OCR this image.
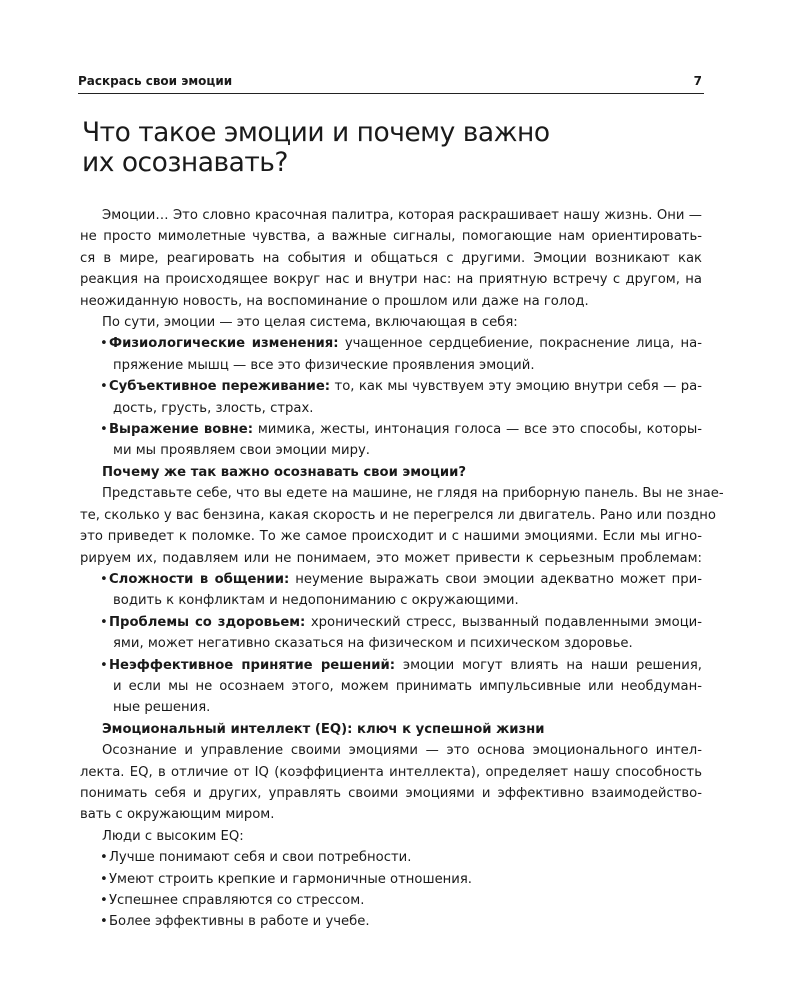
Раскрась свои эмоции	7
Что такое эмоции и почему важно
их осознавать?
Эмоции… Это словно красочная палитра, которая раскрашивает нашу жизнь. Они —
не просто мимолетные чувства, а важные сигналы, помогающие нам ориентировать-
ся в мире, реагировать на события и общаться с другими. Эмоции возникают как
реакция на происходящее вокруг нас и внутри нас: на приятную встречу с другом, на
неожиданную новость, на воспоминание о прошлом или даже на голод.
По сути, эмоции — это целая система, включающая в себя:
• Физиологические изменения: учащенное сердцебиение, покраснение лица, на-
пряжение мышц — все это физические проявления эмоций.
• Субъективное переживание: то, как мы чувствуем эту эмоцию внутри себя — ра-
дость, грусть, злость, страх.
• Выражение вовне: мимика, жесты, интонация голоса — все это способы, которы-
ми мы проявляем свои эмоции миру.
Почему же так важно осознавать свои эмоции?
Представьте себе, что вы едете на машине, не глядя на приборную панель. Вы не знае-
те, сколько у вас бензина, какая скорость и не перегрелся ли двигатель. Рано или поздно
это приведет к поломке. То же самое происходит и с нашими эмоциями. Если мы игно-
рируем их, подавляем или не понимаем, это может привести к серьезным проблемам:
• Сложности в общении: неумение выражать свои эмоции адекватно может при-
водить к конфликтам и недопониманию с окружающими.
• Проблемы со здоровьем: хронический стресс, вызванный подавленными эмоци-
ями, может негативно сказаться на физическом и психическом здоровье.
• Неэффективное принятие решений: эмоции могут влиять на наши решения,
и если мы не осознаем этого, можем принимать импульсивные или необдуман-
ные решения.
Эмоциональный интеллект (EQ): ключ к успешной жизни
Осознание и управление своими эмоциями — это основа эмоционального интел-
лекта. EQ, в отличие от IQ (коэффициента интеллекта), определяет нашу способность
понимать себя и других, управлять своими эмоциями и эффективно взаимодейство-
вать с окружающим миром.
Люди с высоким EQ:
• Лучше понимают себя и свои потребности.
• Умеют строить крепкие и гармоничные отношения.
• Успешнее справляются со стрессом.
• Более эффективны в работе и учебе.
